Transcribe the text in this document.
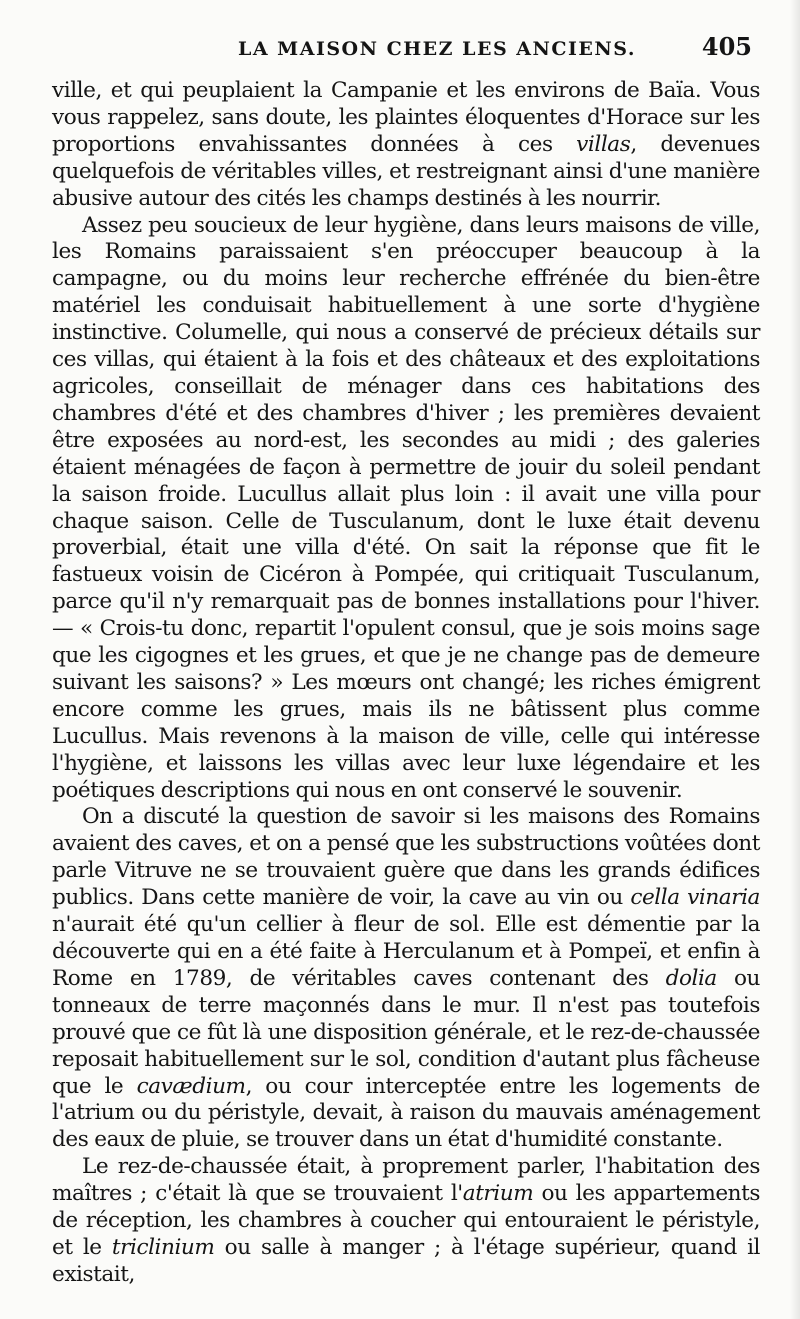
LA MAISON CHEZ LES ANCIENS.	405
ville, et qui peuplaient la Campanie et les environs de Baïa. Vous vous rappelez, sans doute, les plaintes éloquentes d'Horace sur les proportions envahissantes données à ces villas, devenues quelquefois de véritables villes, et restreignant ainsi d'une manière abusive autour des cités les champs destinés à les nourrir.
Assez peu soucieux de leur hygiène, dans leurs maisons de ville, les Romains paraissaient s'en préoccuper beaucoup à la campagne, ou du moins leur recherche effrénée du bien-être matériel les conduisait habituellement à une sorte d'hygiène instinctive. Columelle, qui nous a conservé de précieux détails sur ces villas, qui étaient à la fois et des châteaux et des exploitations agricoles, conseillait de ménager dans ces habitations des chambres d'été et des chambres d'hiver ; les premières devaient être exposées au nord-est, les secondes au midi ; des galeries étaient ménagées de façon à permettre de jouir du soleil pendant la saison froide. Lucullus allait plus loin : il avait une villa pour chaque saison. Celle de Tusculanum, dont le luxe était devenu proverbial, était une villa d'été. On sait la réponse que fit le fastueux voisin de Cicéron à Pompée, qui critiquait Tusculanum, parce qu'il n'y remarquait pas de bonnes installations pour l'hiver. — « Crois-tu donc, repartit l'opulent consul, que je sois moins sage que les cigognes et les grues, et que je ne change pas de demeure suivant les saisons? » Les mœurs ont changé; les riches émigrent encore comme les grues, mais ils ne bâtissent plus comme Lucullus. Mais revenons à la maison de ville, celle qui intéresse l'hygiène, et laissons les villas avec leur luxe légendaire et les poétiques descriptions qui nous en ont conservé le souvenir.
On a discuté la question de savoir si les maisons des Romains avaient des caves, et on a pensé que les substructions voûtées dont parle Vitruve ne se trouvaient guère que dans les grands édifices publics. Dans cette manière de voir, la cave au vin ou cella vinaria n'aurait été qu'un cellier à fleur de sol. Elle est démentie par la découverte qui en a été faite à Herculanum et à Pompeï, et enfin à Rome en 1789, de véritables caves contenant des dolia ou tonneaux de terre maçonnés dans le mur. Il n'est pas toutefois prouvé que ce fût là une disposition générale, et le rez-de-chaussée reposait habituellement sur le sol, condition d'autant plus fâcheuse que le cavædium, ou cour interceptée entre les logements de l'atrium ou du péristyle, devait, à raison du mauvais aménagement des eaux de pluie, se trouver dans un état d'humidité constante.
Le rez-de-chaussée était, à proprement parler, l'habitation des maîtres ; c'était là que se trouvaient l'atrium ou les appartements de réception, les chambres à coucher qui entouraient le péristyle, et le triclinium ou salle à manger ; à l'étage supérieur, quand il existait,
